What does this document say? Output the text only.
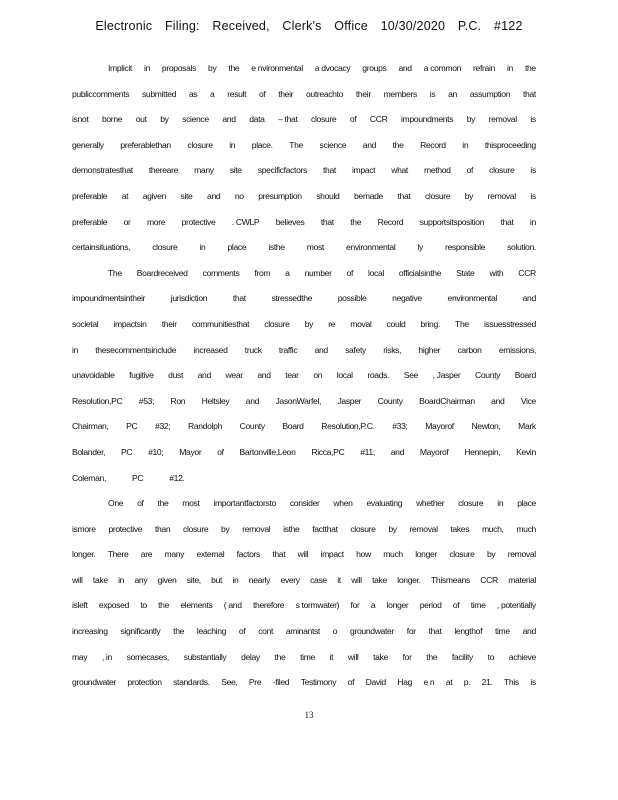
Electronic Filing: Received, Clerk's Office 10/30/2020 P.C. #122
Implicit in proposals by the e nvironmental a dvocacy groups and a common refrain in the
publiccomments submitted as a result of their outreachto their members is an assumption that
isnot borne out by science and data – that closure of CCR impoundments by removal is
generally preferablethan closure in place. The science and the Record in thisproceeding
demonstratesthat thereare many site specificfactors that impact what method of closure is
preferable at agiven site and no presumption should bemade that closure by removal is
preferable or more protective . CWLP believes that the Record supportsitsposition that in
certainsituations,	closure	in	place	isthe	most	environmental	ly	responsible	solution.
The Boardreceived comments from a number of local officialsinthe State with CCR
impoundmentsintheir	jurisdiction	that	stressedthe	possible	negative	environmental	and
societal impactsin their communitiesthat closure by re moval could bring. The issuesstressed
in thesecommentsinclude increased truck traffic and safety risks, higher carbon emissions,
unavoidable fugitive dust and wear and tear on local roads. See , Jasper County Board
Resolution,PC #53; Ron Heltsley and JasonWarfel, Jasper County BoardChairman and Vice
Chairman, PC #32; Randolph County Board Resolution,P.C. #33; Mayorof Newton, Mark
Bolander, PC #10; Mayor of Bartonville,Leon Ricca,PC #11; and Mayorof Hennepin, Kevin
Coleman,	PC	#12.
One of the most importantfactorsto consider when evaluating whether closure in place
ismore protective than closure by removal isthe factthat closure by removal takes much, much
longer. There are many external factors that will impact how much longer closure by removal
will take in any given site, but in nearly every case it will take longer. Thismeans CCR material
isleft exposed to the elements ( and therefore s tormwater) for a longer period of time , potentially
increasing significantly the leaching of cont aminantst o groundwater for that lengthof time and
may , in somecases, substantially delay the time it will take for the facility to achieve
groundwater protection standards. See, Pre -filed Testimony of David Hag e n at p. 21. This is
13
